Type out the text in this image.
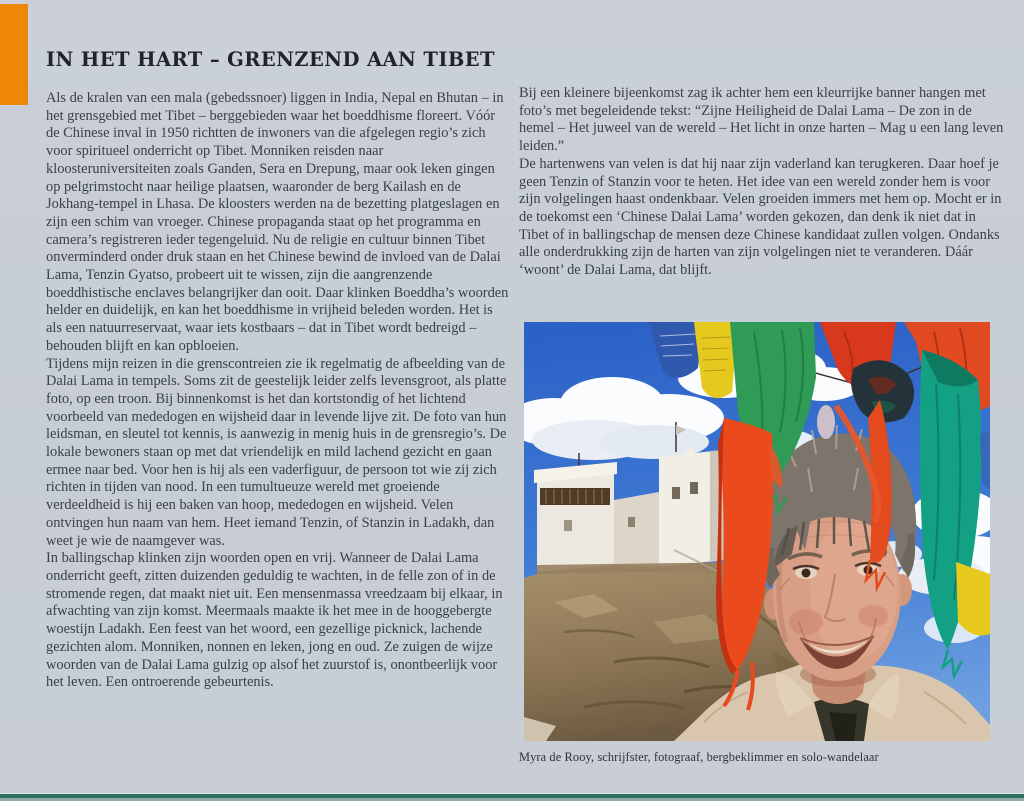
IN HET HART – GRENZEND AAN TIBET

Als de kralen van een mala (gebedssnoer) liggen in India, Nepal en Bhutan – in het grensgebied met Tibet – berggebieden waar het boeddhisme floreert. Vóór de Chinese inval in 1950 richtten de inwoners van die afgelegen regio’s zich voor spiritueel onderricht op Tibet. Monniken reisden naar kloosteruniversiteiten zoals Ganden, Sera en Drepung, maar ook leken gingen op pelgrimstocht naar heilige plaatsen, waaronder de berg Kailash en de Jokhang-tempel in Lhasa. De kloosters werden na de bezetting platgeslagen en zijn een schim van vroeger. Chinese propaganda staat op het programma en camera’s registreren ieder tegengeluid. Nu de religie en cultuur binnen Tibet onverminderd onder druk staan en het Chinese bewind de invloed van de Dalai Lama, Tenzin Gyatso, probeert uit te wissen, zijn die aangrenzende boeddhistische enclaves belangrijker dan ooit. Daar klinken Boeddha’s woorden helder en duidelijk, en kan het boeddhisme in vrijheid beleden worden. Het is als een natuurreservaat, waar iets kostbaars – dat in Tibet wordt bedreigd – behouden blijft en kan opbloeien.

Tijdens mijn reizen in die grenscontreien zie ik regelmatig de afbeelding van de Dalai Lama in tempels. Soms zit de geestelijk leider zelfs levensgroot, als platte foto, op een troon. Bij binnenkomst is het dan kortstondig of het lichtend voorbeeld van mededogen en wijsheid daar in levende lijve zit. De foto van hun leidsman, en sleutel tot kennis, is aanwezig in menig huis in de grensregio’s. De lokale bewoners staan op met dat vriendelijk en mild lachend gezicht en gaan ermee naar bed. Voor hen is hij als een vaderfiguur, de persoon tot wie zij zich richten in tijden van nood. In een tumultueuze wereld met groeiende verdeeldheid is hij een baken van hoop, mededogen en wijsheid. Velen ontvingen hun naam van hem. Heet iemand Tenzin, of Stanzin in Ladakh, dan weet je wie de naamgever was.

In ballingschap klinken zijn woorden open en vrij. Wanneer de Dalai Lama onderricht geeft, zitten duizenden geduldig te wachten, in de felle zon of in de stromende regen, dat maakt niet uit. Een mensenmassa vreedzaam bij elkaar, in afwachting van zijn komst. Meermaals maakte ik het mee in de hooggebergte woestijn Ladakh. Een feest van het woord, een gezellige picknick, lachende gezichten alom. Monniken, nonnen en leken, jong en oud. Ze zuigen de wijze woorden van de Dalai Lama gulzig op alsof het zuurstof is, onontbeerlijk voor het leven. Een ontroerende gebeurtenis.

Bij een kleinere bijeenkomst zag ik achter hem een kleurrijke banner hangen met foto’s met begeleidende tekst: “Zijne Heiligheid de Dalai Lama – De zon in de hemel – Het juweel van de wereld – Het licht in onze harten – Mag u een lang leven leiden.”

De hartenwens van velen is dat hij naar zijn vaderland kan terugkeren. Daar hoef je geen Tenzin of Stanzin voor te heten. Het idee van een wereld zonder hem is voor zijn volgelingen haast ondenkbaar. Velen groeiden immers met hem op. Mocht er in de toekomst een ‘Chinese Dalai Lama’ worden gekozen, dan denk ik niet dat in Tibet of in ballingschap de mensen deze Chinese kandidaat zullen volgen. Ondanks alle onderdrukking zijn de harten van zijn volgelingen niet te veranderen. Dáár ‘woont’ de Dalai Lama, dat blijft.

Myra de Rooy, schrijfster, fotograaf, bergbeklimmer en solo-wandelaar
